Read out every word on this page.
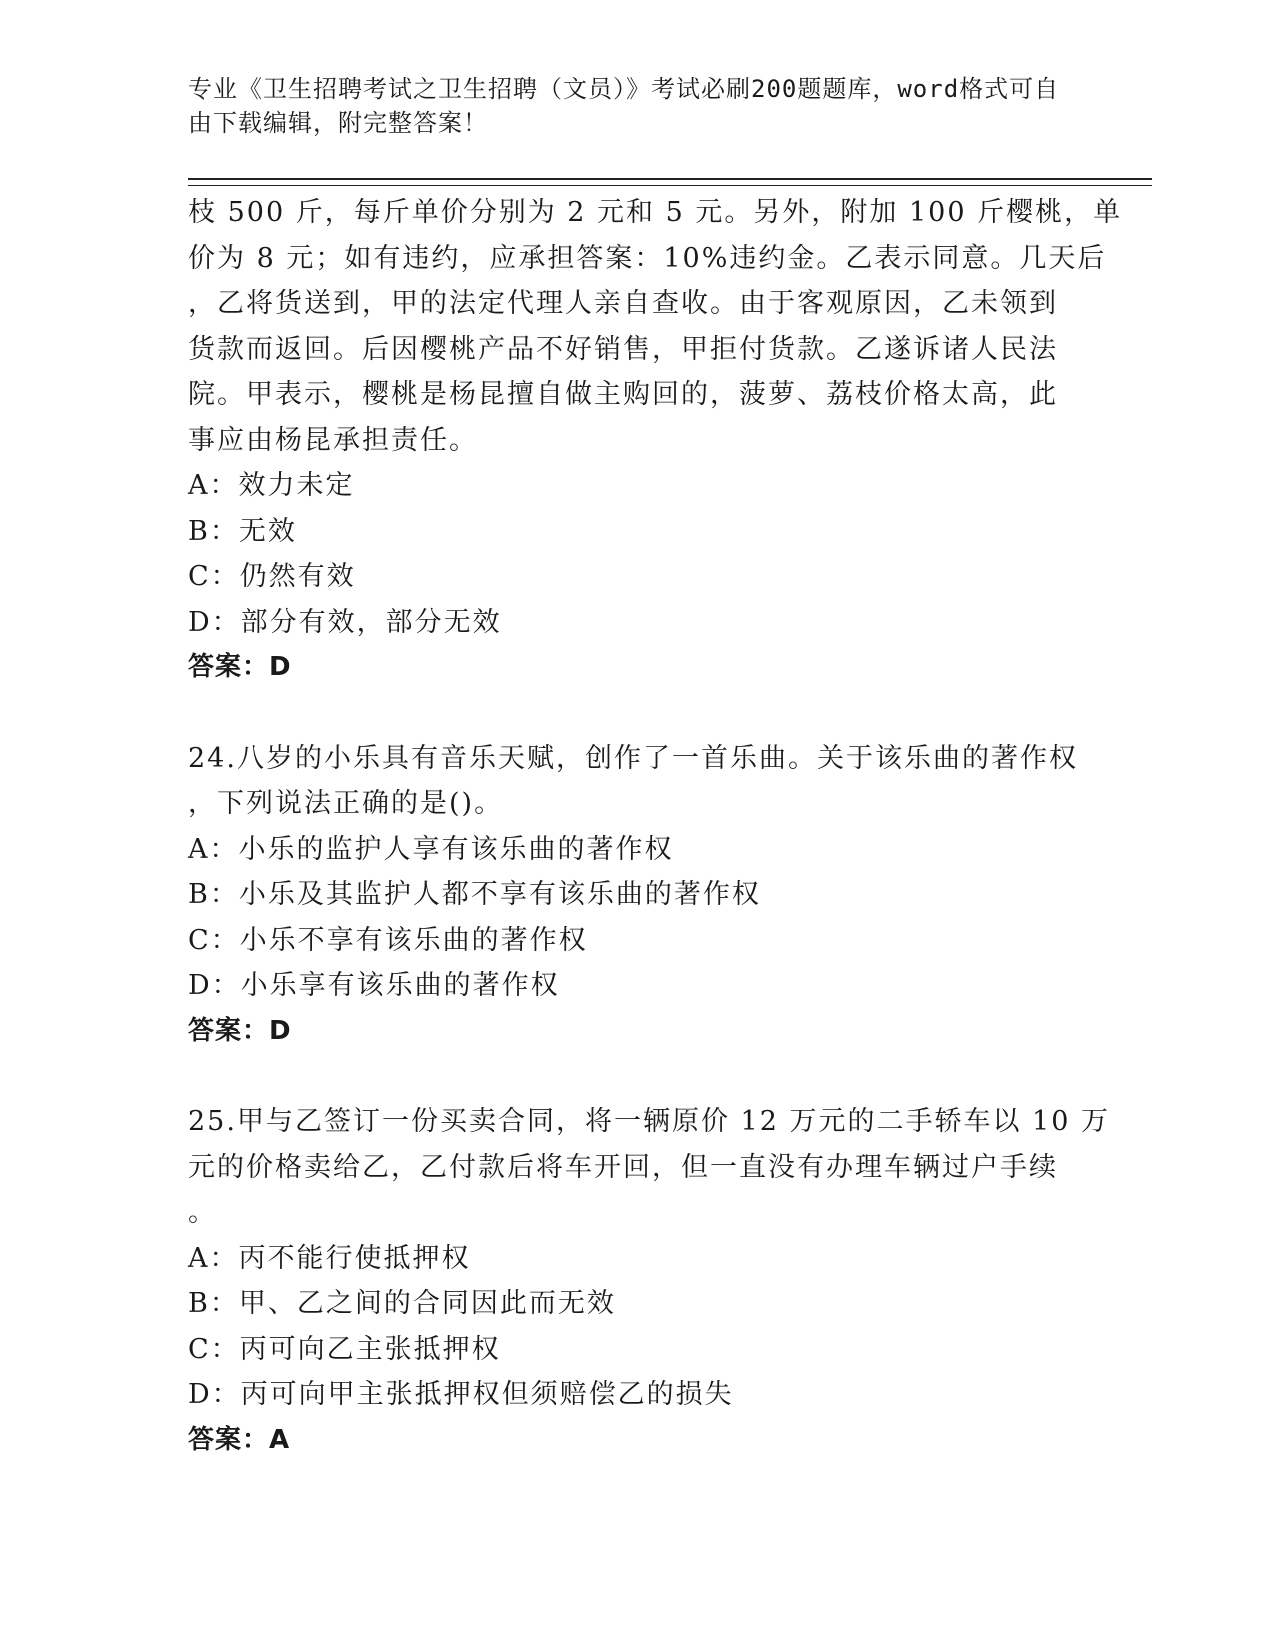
专业《卫生招聘考试之卫生招聘（文员）》考试必刷200题题库，word格式可自
由下载编辑，附完整答案！
枝 500 斤，每斤单价分别为 2 元和 5 元。另外，附加 100 斤樱桃，单
价为 8 元；如有违约，应承担答案：10%违约金。乙表示同意。几天后
，乙将货送到，甲的法定代理人亲自查收。由于客观原因，乙未领到
货款而返回。后因樱桃产品不好销售，甲拒付货款。乙遂诉诸人民法
院。甲表示，樱桃是杨昆擅自做主购回的，菠萝、荔枝价格太高，此
事应由杨昆承担责任。
A：效力未定
B：无效
C：仍然有效
D：部分有效，部分无效
答案：D
24.八岁的小乐具有音乐天赋，创作了一首乐曲。关于该乐曲的著作权
，下列说法正确的是()。
A：小乐的监护人享有该乐曲的著作权
B：小乐及其监护人都不享有该乐曲的著作权
C：小乐不享有该乐曲的著作权
D：小乐享有该乐曲的著作权
答案：D
25.甲与乙签订一份买卖合同，将一辆原价 12 万元的二手轿车以 10 万
元的价格卖给乙，乙付款后将车开回，但一直没有办理车辆过户手续
。
A：丙不能行使抵押权
B：甲、乙之间的合同因此而无效
C：丙可向乙主张抵押权
D：丙可向甲主张抵押权但须赔偿乙的损失
答案：A
